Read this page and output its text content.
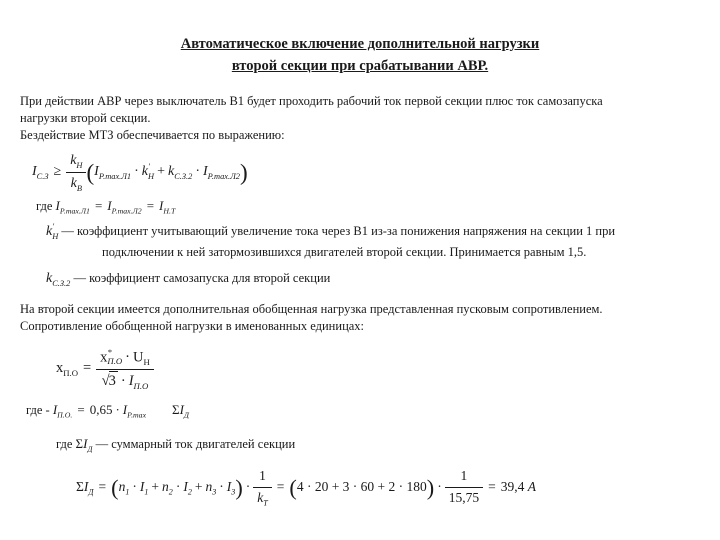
Автоматическое включение дополнительной нагрузки
второй секции при срабатывании АВР.
При действии АВР через выключатель В1 будет проходить рабочий ток первой секции плюс ток самозапуска
нагрузки второй секции.
Бездействие МТЗ обеспечивается по выражению:
$I_{С.З} \ge \frac{k_Н}{k_В} (I_{Р.max.Л1} \cdot k$ ′
$Н + k_{С.З.2} \cdot I_{Р.max.Л2}$)
где $I_{Р.max.Л1} = I_{Р.max.Л2} = I_{Н.Т}$
k ′
Н — коэффициент учитывающий увеличение тока через В1 из-за понижения напряжения на секции 1 при
подключении к ней затормозившихся двигателей второй секции. Принимается равным 1,5.
$k_{С.З.2}$ — коэффициент самозапуска для второй секции
На второй секции имеется дополнительная обобщенная нагрузка представленная пусковым сопротивлением.
Сопротивление обобщенной нагрузки в именованных единицах:
$x_{П.О} = x$ *
$П.О \cdot U_Н$
$√3 \cdot I_{П.О}$
где - $I_{П.О.} = 0,65 \cdot I_{Р.max}$ $\Sigma I_Д$
где $\Sigma I_Д$ — суммарный ток двигателей секции
$\Sigma I_Д = (n_1 \cdot I_1 + n_2 \cdot I_2 + n_3 \cdot I_3) \cdot \frac{1}{k_Т} = (4 \cdot 20 + 3 \cdot 60 + 2 \cdot 180) \cdot \frac{1}{15,75} = 39,4$ А
